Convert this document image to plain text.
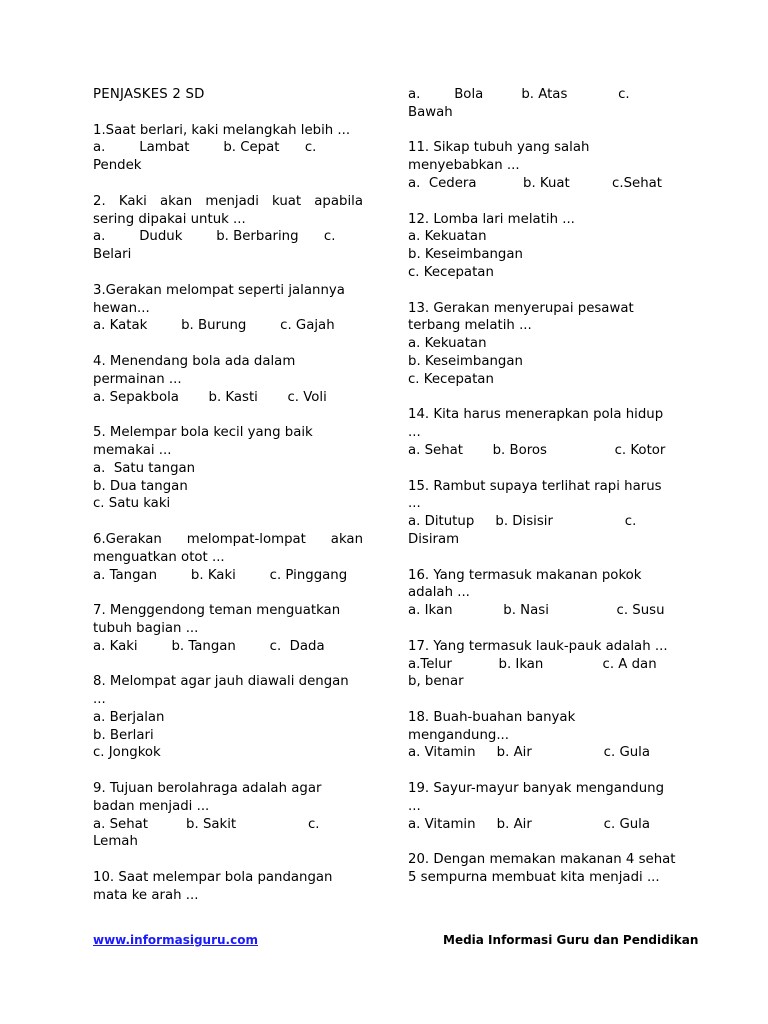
PENJASKES 2 SD

1.Saat berlari, kaki melangkah lebih ...

a.        Lambat        b. Cepat      c.

Pendek

2. Kaki akan menjadi kuat apabila sering dipakai untuk ...

a.        Duduk        b. Berbaring      c.

Belari

3.Gerakan melompat seperti jalannya hewan...

a. Katak        b. Burung        c. Gajah

4. Menendang bola ada dalam permainan ...

a. Sepakbola       b. Kasti       c. Voli

5. Melempar bola kecil yang baik memakai ...

a.  Satu tangan

b. Dua tangan

c. Satu kaki

6.Gerakan    melompat-lompat    akan menguatkan otot ...

a. Tangan        b. Kaki        c. Pinggang

7. Menggendong teman menguatkan tubuh bagian ...

a. Kaki        b. Tangan        c.  Dada

8. Melompat agar jauh diawali dengan ...

a. Berjalan

b. Berlari

c. Jongkok

9. Tujuan berolahraga adalah agar badan menjadi ...

a. Sehat         b. Sakit                 c.

Lemah

10. Saat melempar bola pandangan mata ke arah ...

a.        Bola         b. Atas            c.

Bawah

11. Sikap tubuh yang salah menyebabkan ...

a.  Cedera           b. Kuat          c.Sehat

12. Lomba lari melatih ...

a. Kekuatan

b. Keseimbangan

c. Kecepatan

13. Gerakan menyerupai pesawat terbang melatih ...

a. Kekuatan

b. Keseimbangan

c. Kecepatan

14. Kita harus menerapkan pola hidup ...

a. Sehat       b. Boros                c. Kotor

15. Rambut supaya terlihat rapi harus ...

a. Ditutup     b. Disisir                 c.

Disiram

16. Yang termasuk makanan pokok adalah ...

a. Ikan            b. Nasi                c. Susu

17. Yang termasuk lauk-pauk adalah ...

a.Telur           b. Ikan              c. A dan

b, benar

18. Buah-buahan banyak mengandung...

a. Vitamin     b. Air                 c. Gula

19. Sayur-mayur banyak mengandung ...

a. Vitamin     b. Air                 c. Gula

20. Dengan memakan makanan 4 sehat 5 sempurna membuat kita menjadi ...

www.informasiguru.com	Media Informasi Guru dan Pendidikan
